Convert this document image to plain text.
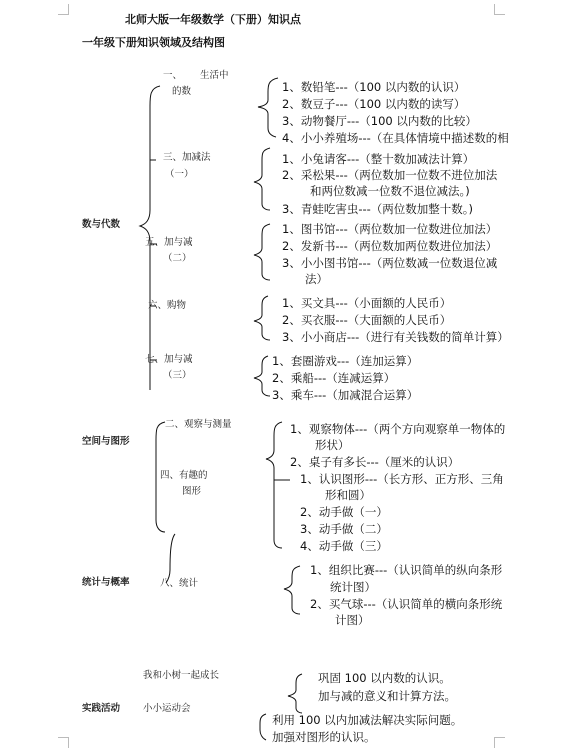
北师大版一年级数学（下册）知识点
一年级下册知识领域及结构图
数与代数
空间与图形
统计与概率
实践活动
一、 生活中
的数
三、加减法
（一）
五、加与减
（二）
六、购物
七、加与减
（三）
二、观察与测量
四、有趣的
图形
八、统计
1、数铅笔---（100 以内数的认识）
2、数豆子---（100 以内数的读写）
3、动物餐厅---（100 以内数的比较）
4、小小养殖场---（在具体情境中描述数的相
1、小兔请客---（整十数加减法计算）
2、采松果---（两位数加一位数不进位加法
和两位数减一位数不退位减法。)
3、青蛙吃害虫---（两位数加整十数。)
1、图书馆---（两位数加一位数进位加法）
2、发新书---（两位数加两位数进位加法）
3、小小图书馆---（两位数减一位数退位减
法）
1、买文具---（小面额的人民币）
2、买衣服---（大面额的人民币）
3、小小商店---（进行有关钱数的简单计算）
1、套圈游戏---（连加运算）
2、乘船---（连减运算）
3、乘车---（加减混合运算）
1、观察物体---（两个方向观察单一物体的
形状）
2、桌子有多长---（厘米的认识）
1、认识图形---（长方形、正方形、三角
形和圆）
2、动手做（一）
3、动手做（二）
4、动手做（三）
1、组织比赛---（认识简单的纵向条形
统计图）
2、买气球---（认识简单的横向条形统
计图）
我和小树一起成长
小小运动会
巩固 100 以内数的认识。
加与减的意义和计算方法。
利用 100 以内加减法解决实际问题。
加强对图形的认识。
